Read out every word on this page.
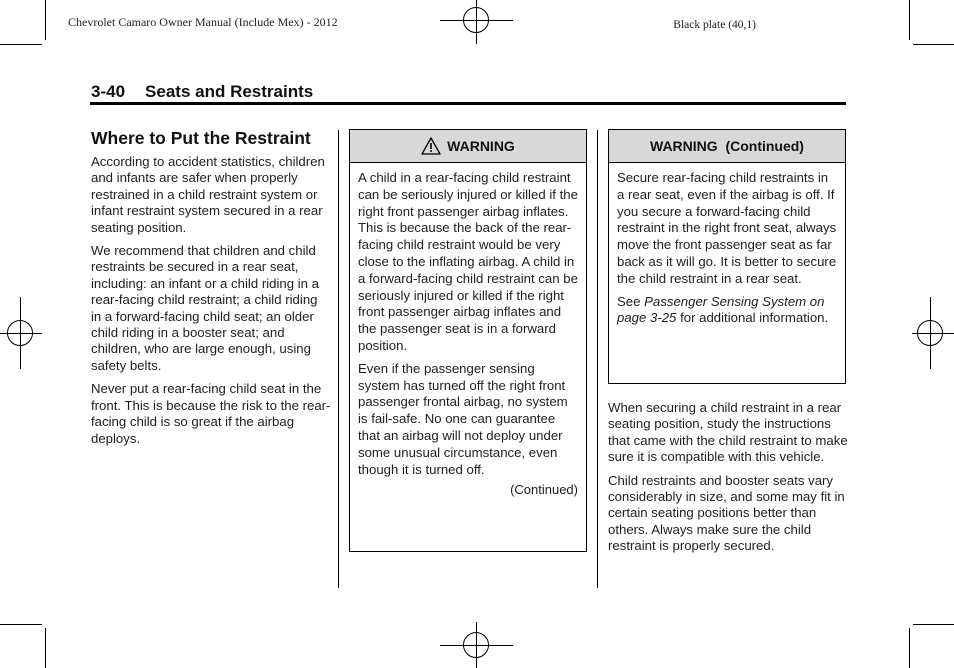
Chevrolet Camaro Owner Manual (Include Mex) - 2012	Black plate (40,1)
3-40 Seats and Restraints
Where to Put the Restraint

According to accident statistics, children and infants are safer when properly restrained in a child restraint system or infant restraint system secured in a rear seating position.

We recommend that children and child restraints be secured in a rear seat, including: an infant or a child riding in a rear-facing child restraint; a child riding in a forward-facing child seat; an older child riding in a booster seat; and children, who are large enough, using safety belts.

Never put a rear-facing child seat in the front. This is because the risk to the rear-facing child is so great if the airbag deploys.

WARNING

A child in a rear-facing child restraint can be seriously injured or killed if the right front passenger airbag inflates. This is because the back of the rear-facing child restraint would be very close to the inflating airbag. A child in a forward-facing child restraint can be seriously injured or killed if the right front passenger airbag inflates and the passenger seat is in a forward position.

Even if the passenger sensing system has turned off the right front passenger frontal airbag, no system is fail-safe. No one can guarantee that an airbag will not deploy under some unusual circumstance, even though it is turned off.

(Continued)
WARNING  (Continued)

Secure rear-facing child restraints in a rear seat, even if the airbag is off. If you secure a forward-facing child restraint in the right front seat, always move the front passenger seat as far back as it will go. It is better to secure the child restraint in a rear seat.

See Passenger Sensing System on page 3-25 for additional information.

When securing a child restraint in a rear seating position, study the instructions that came with the child restraint to make sure it is compatible with this vehicle.

Child restraints and booster seats vary considerably in size, and some may fit in certain seating positions better than others. Always make sure the child restraint is properly secured.
